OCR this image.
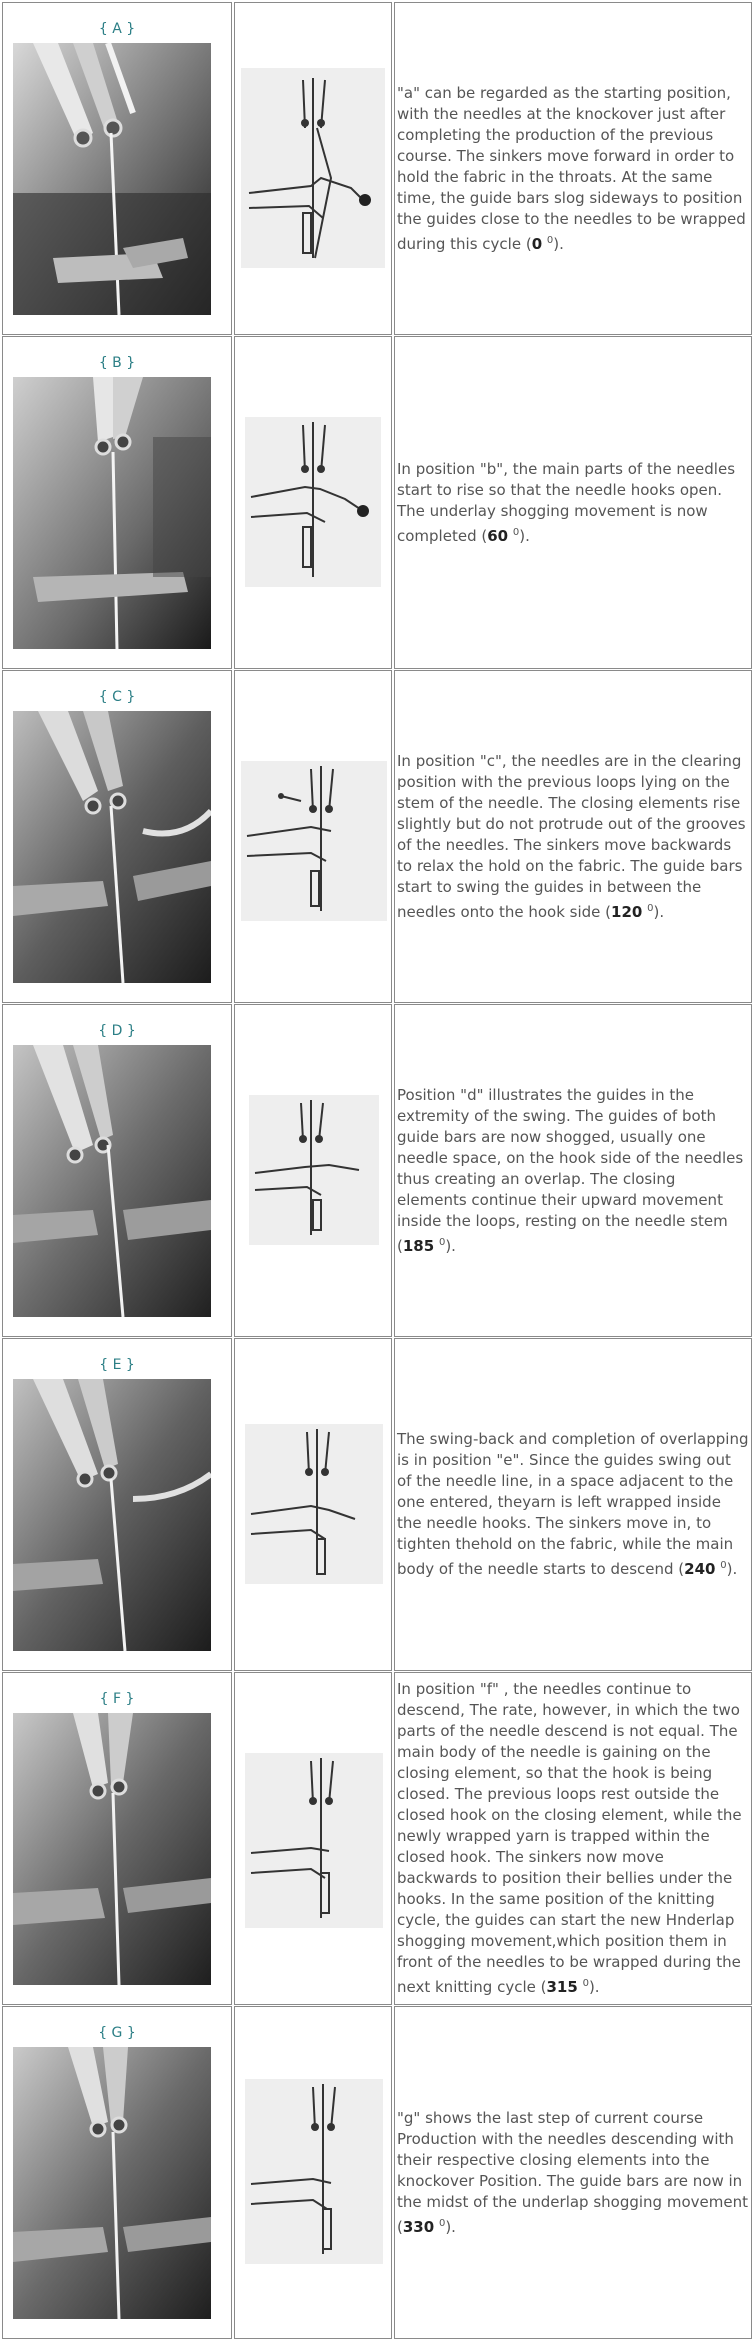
{ A }

"a" can be regarded as the starting position, with the needles at the knockover just after completing the production of the previous course. The sinkers move forward in order to hold the fabric in the throats. At the same time, the guide bars slog sideways to position the guides close to the needles to be wrapped during this cycle (0 $^0$).

{ B }

In position "b", the main parts of the needles start to rise so that the needle hooks open. The underlay shogging movement is now completed (60 $^0$).

{ C }

In position "c", the needles are in the clearing position with the previous loops lying on the stem of the needle. The closing elements rise slightly but do not protrude out of the grooves of the needles. The sinkers move backwards to relax the hold on the fabric. The guide bars start to swing the guides in between the needles onto the hook side (120 $^0$).

{ D }

Position "d" illustrates the guides in the extremity of the swing. The guides of both guide bars are now shogged, usually one needle space, on the hook side of the needles thus creating an overlap. The closing elements continue their upward movement inside the loops, resting on the needle stem (185 $^0$).

{ E }

The swing-back and completion of overlapping is in position "e". Since the guides swing out of the needle line, in a space adjacent to the one entered, theyarn is left wrapped inside the needle hooks. The sinkers move in, to tighten thehold on the fabric, while the main body of the needle starts to descend (240 $^0$).

{ F }

In position "f" , the needles continue to descend, The rate, however, in which the two parts of the needle descend is not equal. The main body of the needle is gaining on the closing element, so that the hook is being closed. The previous loops rest outside the closed hook on the closing element, while the newly wrapped yarn is trapped within the closed hook. The sinkers now move backwards to position their bellies under the hooks. In the same position of the knitting cycle, the guides can start the new Hnderlap shogging movement,which position them in front of the needles to be wrapped during the next knitting cycle (315 $^0$).

{ G }

"g" shows the last step of current course Production with the needles descending with their respective closing elements into the knockover Position. The guide bars are now in the midst of the underlap shogging movement (330 $^0$).
